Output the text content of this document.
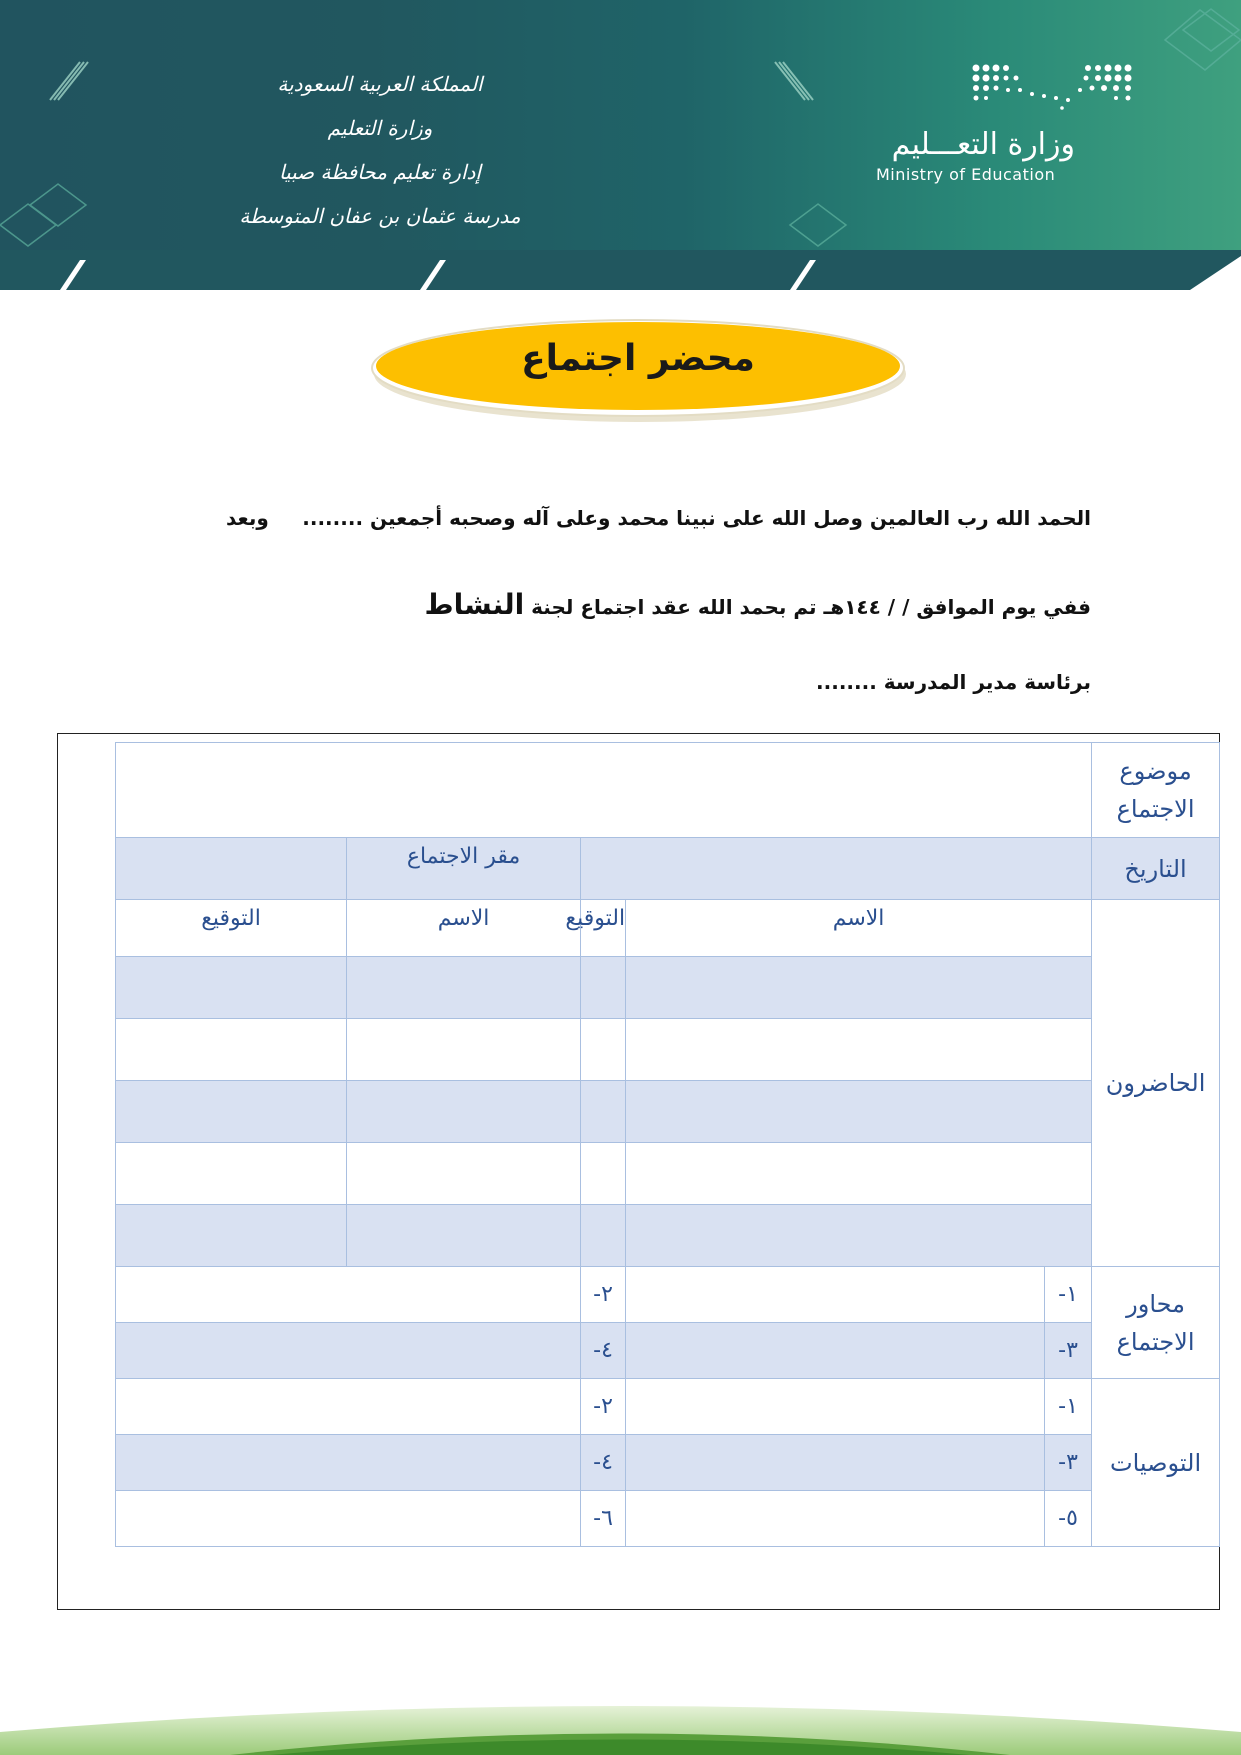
المملكة العربية السعودية
وزارة التعليم
إدارة تعليم محافظة صبيا
مدرسة عثمان بن عفان المتوسطة
وزارة التعـــليم
Ministry of Education
محضر اجتماع
الحمد الله رب العالمين وصل الله على نبينا محمد وعلى آله وصحبه أجمعين ........
وبعد
ففي يوم الموافق / / ١٤٤هـ تم بحمد الله عقد اجتماع لجنة النشاط
برئاسة مدير المدرسة ........
موضوع الاجتماع					
التاريخ				مقر الاجتماع	
الحاضرون	الاسم		التوقيع	الاسم	التوقيع

محاور الاجتماع	١-		٢-		
	٣-		٤-		
التوصيات	١-		٢-		
	٣-		٤-		
	٥-		٦-		
